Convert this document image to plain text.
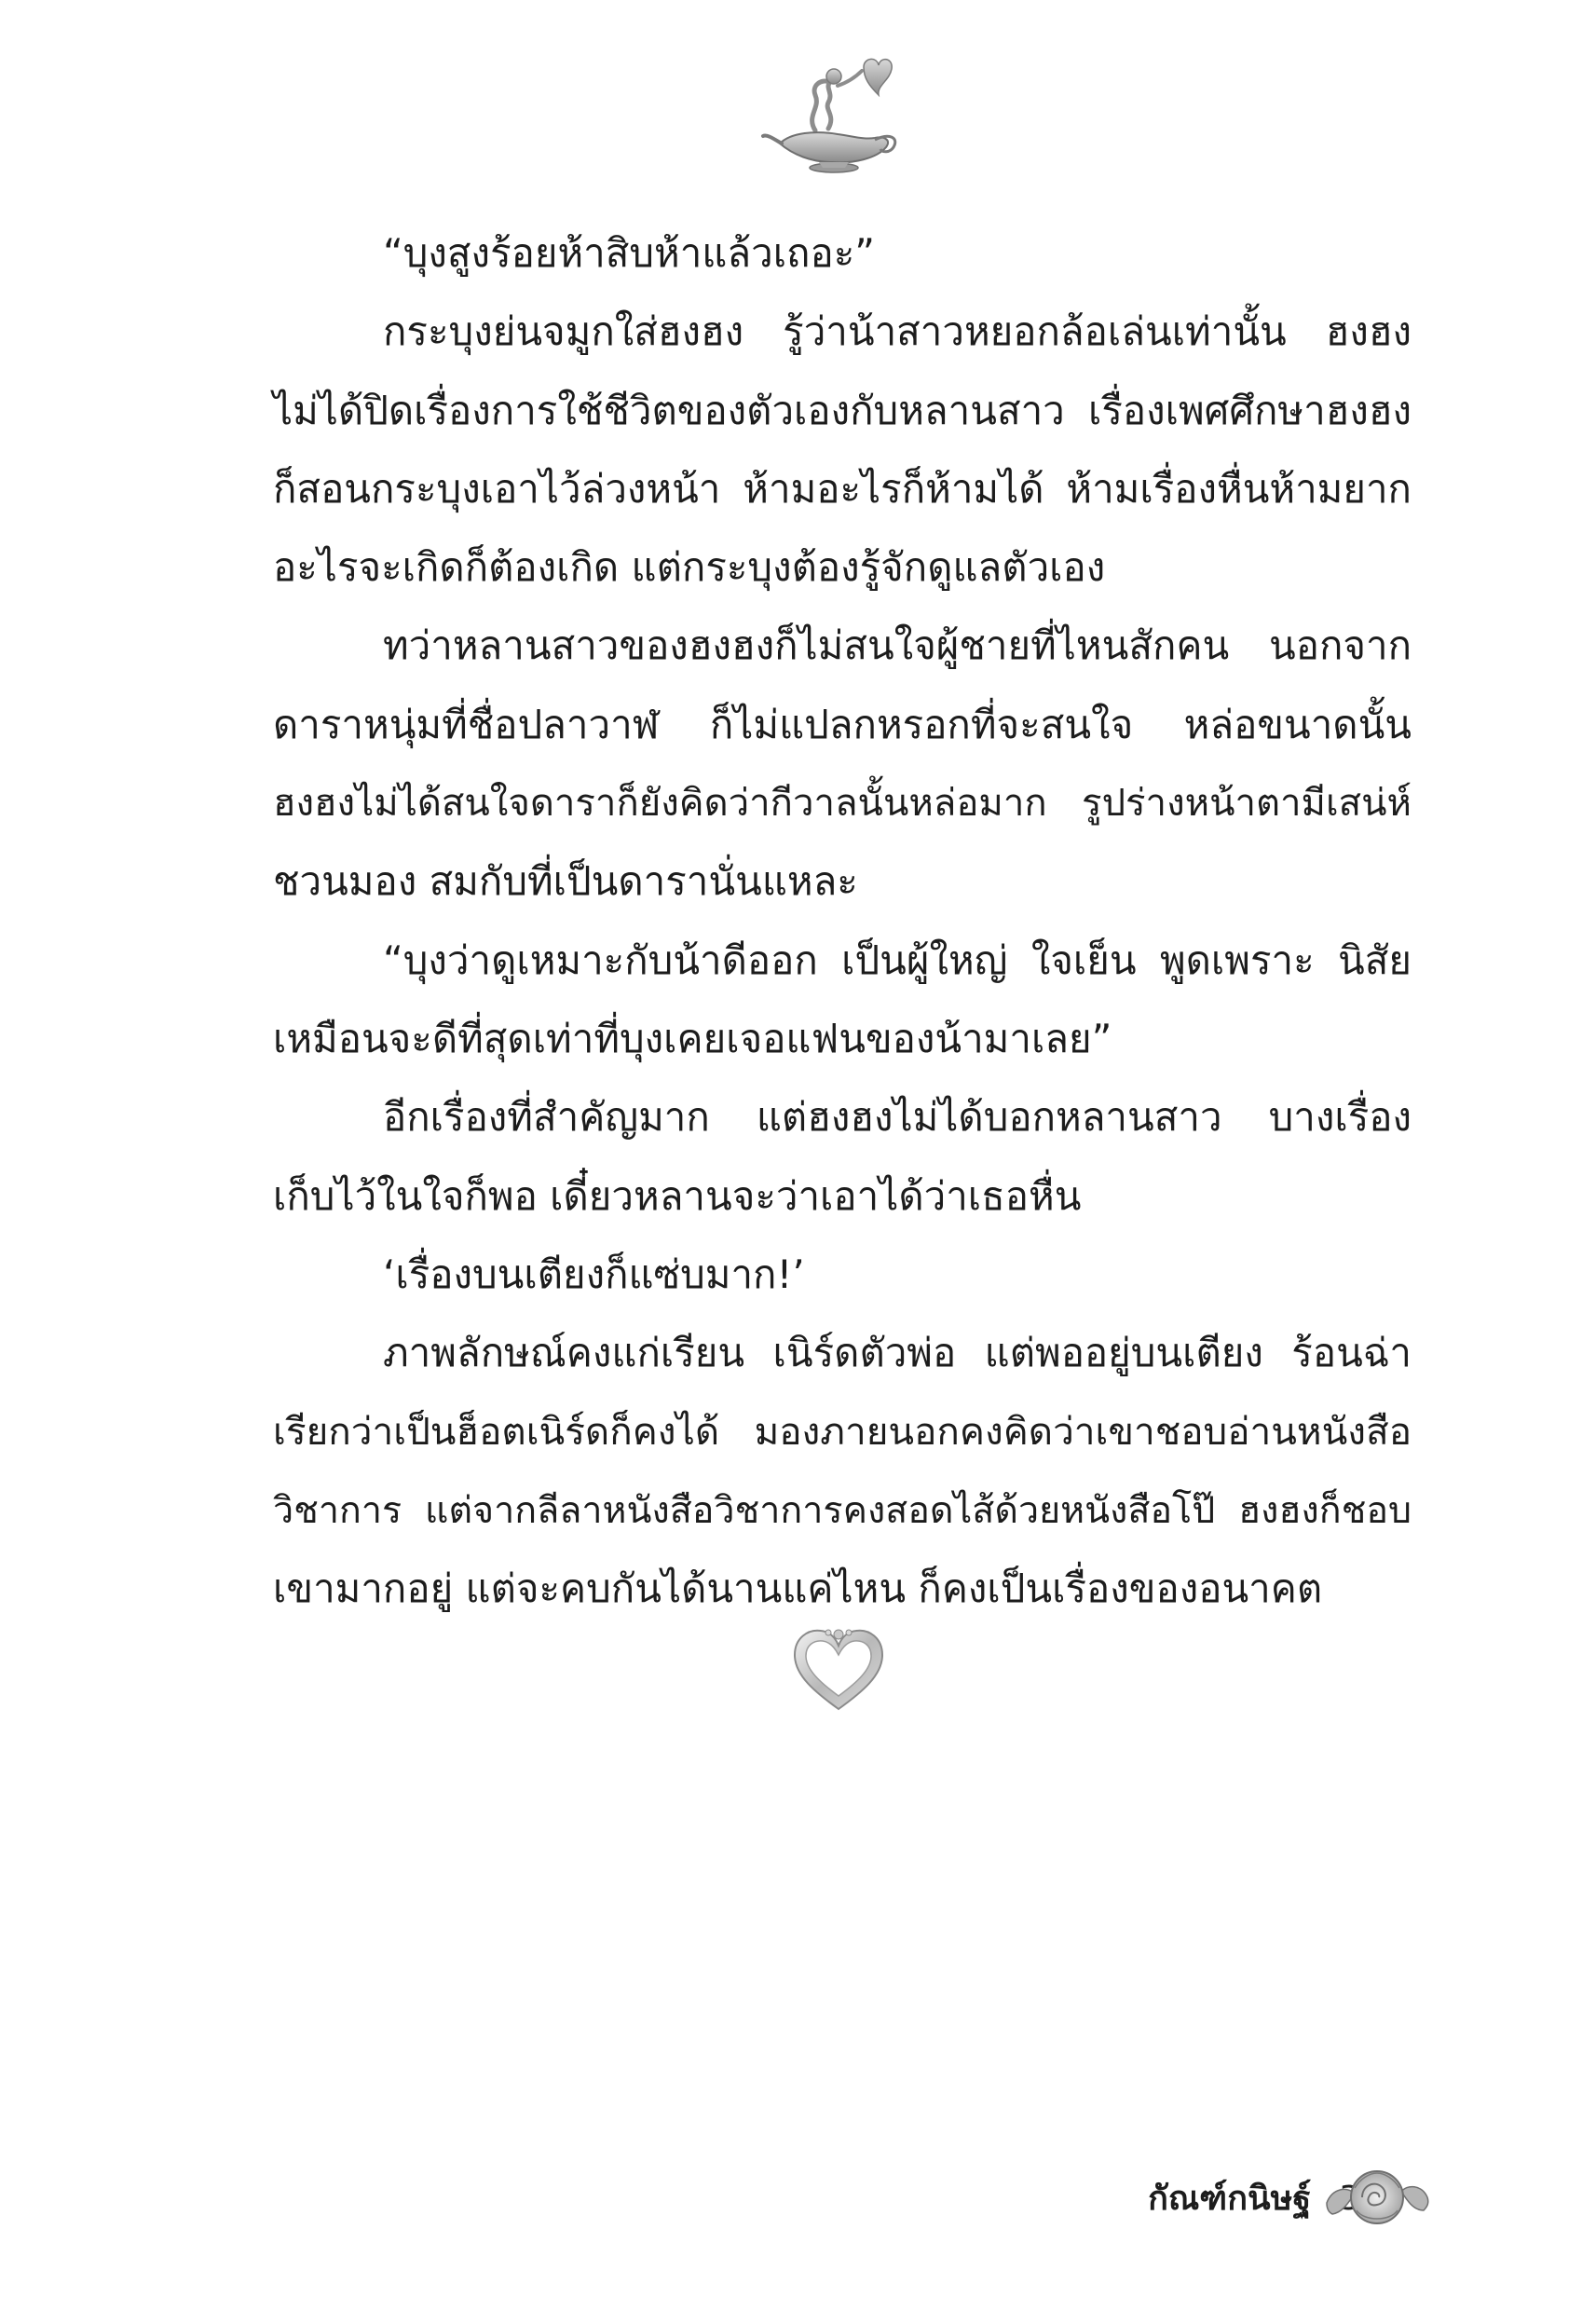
“บุงสูงร้อยห้าสิบห้าแล้วเถอะ”
กระบุงย่นจมูกใส่ฮงฮง รู้ว่าน้าสาวหยอกล้อเล่นเท่านั้น ฮงฮง
ไม่ได้ปิดเรื่องการใช้ชีวิตของตัวเองกับหลานสาว เรื่องเพศศึกษาฮงฮง
ก็สอนกระบุงเอาไว้ล่วงหน้า ห้ามอะไรก็ห้ามได้ ห้ามเรื่องหื่นห้ามยาก
อะไรจะเกิดก็ต้องเกิด แต่กระบุงต้องรู้จักดูแลตัวเอง
ทว่าหลานสาวของฮงฮงก็ไม่สนใจผู้ชายที่ไหนสักคน นอกจาก
ดาราหนุ่มที่ชื่อปลาวาฬ ก็ไม่แปลกหรอกที่จะสนใจ หล่อขนาดนั้น
ฮงฮงไม่ได้สนใจดาราก็ยังคิดว่ากีวาลนั้นหล่อมาก รูปร่างหน้าตามีเสน่ห์
ชวนมอง สมกับที่เป็นดารานั่นแหละ
“บุงว่าดูเหมาะกับน้าดีออก เป็นผู้ใหญ่ ใจเย็น พูดเพราะ นิสัย
เหมือนจะดีที่สุดเท่าที่บุงเคยเจอแฟนของน้ามาเลย”
อีกเรื่องที่สำคัญมาก แต่ฮงฮงไม่ได้บอกหลานสาว บางเรื่อง
เก็บไว้ในใจก็พอ เดี๋ยวหลานจะว่าเอาได้ว่าเธอหื่น
‘เรื่องบนเตียงก็แซ่บมาก!’
ภาพลักษณ์คงแก่เรียน เนิร์ดตัวพ่อ แต่พออยู่บนเตียง ร้อนฉ่า
เรียกว่าเป็นฮ็อตเนิร์ดก็คงได้ มองภายนอกคงคิดว่าเขาชอบอ่านหนังสือ
วิชาการ แต่จากลีลาหนังสือวิชาการคงสอดไส้ด้วยหนังสือโป๊ ฮงฮงก็ชอบ
เขามากอยู่ แต่จะคบกันได้นานแค่ไหน ก็คงเป็นเรื่องของอนาคต
กัณฑ์กนิษฐ์
